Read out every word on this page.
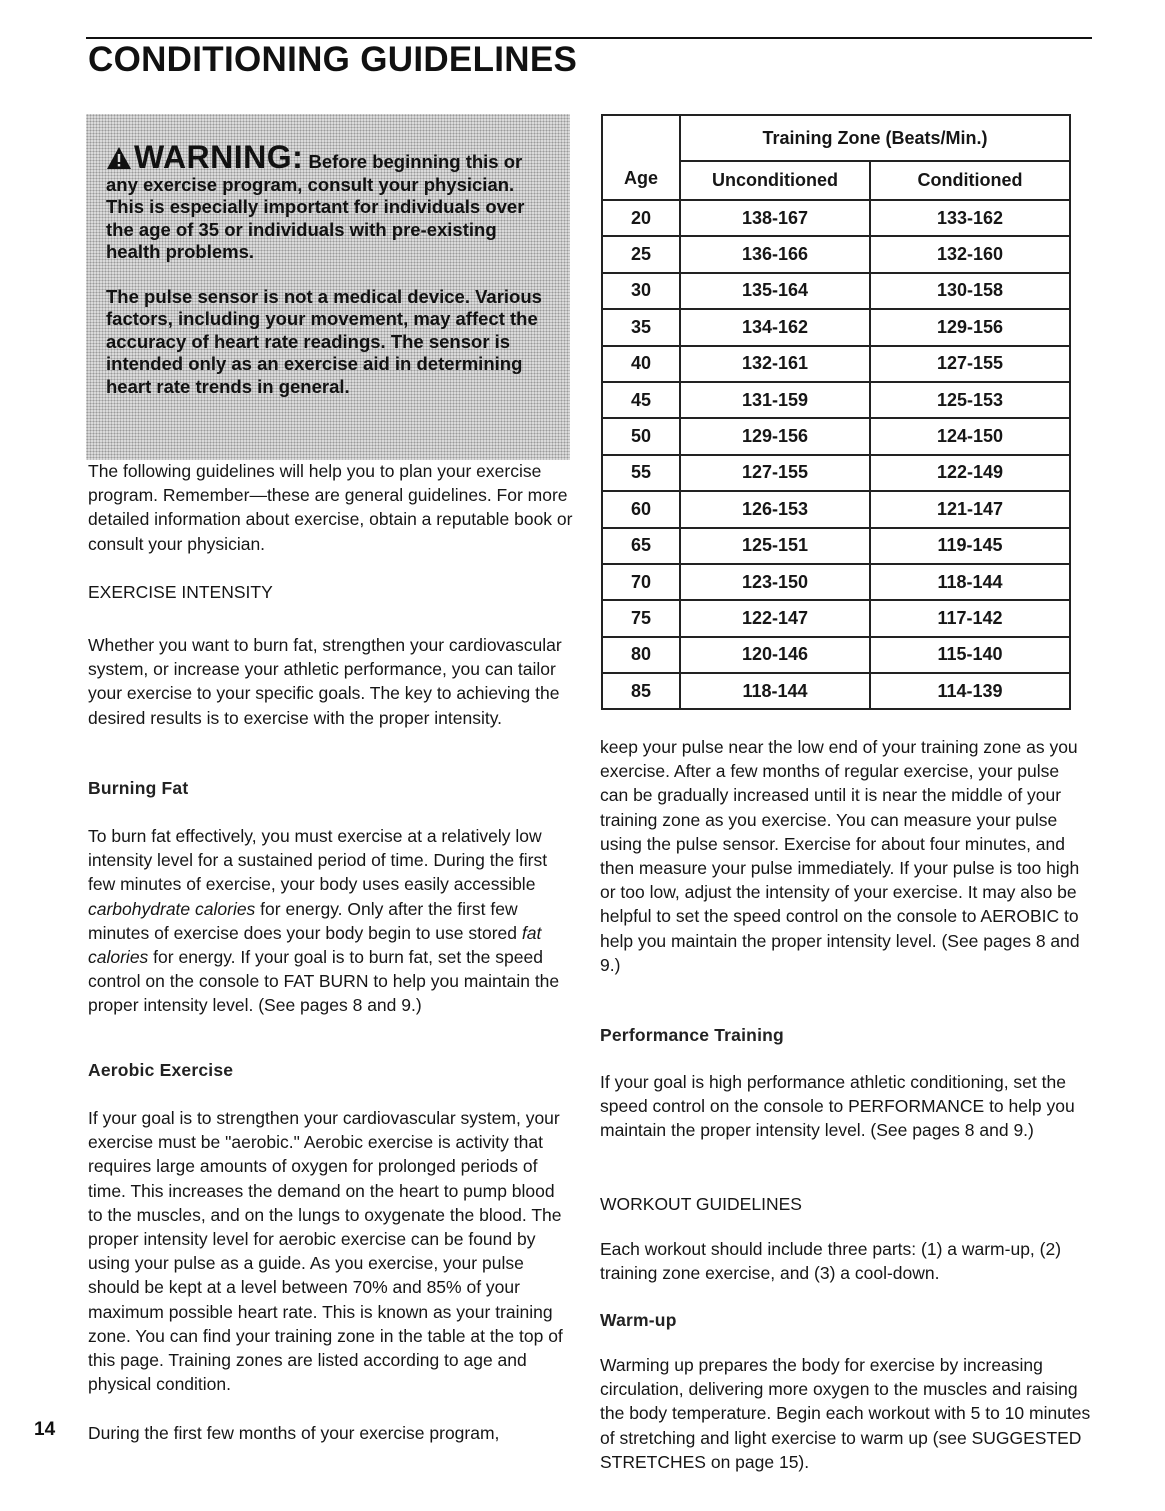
CONDITIONING GUIDELINES

WARNING: Before beginning this or any exercise program, consult your physician. This is especially important for individuals over the age of 35 or individuals with pre-existing health problems.

The pulse sensor is not a medical device. Various factors, including your movement, may affect the accuracy of heart rate readings. The sensor is intended only as an exercise aid in determining heart rate trends in general.

The following guidelines will help you to plan your exercise program. Remember—these are general guidelines. For more detailed information about exercise, obtain a reputable book or consult your physician.

EXERCISE INTENSITY

Whether you want to burn fat, strengthen your cardiovascular system, or increase your athletic performance, you can tailor your exercise to your specific goals. The key to achieving the desired results is to exercise with the proper intensity.

Burning Fat

To burn fat effectively, you must exercise at a relatively low intensity level for a sustained period of time. During the first few minutes of exercise, your body uses easily accessible carbohydrate calories for energy. Only after the first few minutes of exercise does your body begin to use stored fat calories for energy. If your goal is to burn fat, set the speed control on the console to FAT BURN to help you maintain the proper intensity level. (See pages 8 and 9.)

Aerobic Exercise

If your goal is to strengthen your cardiovascular system, your exercise must be "aerobic." Aerobic exercise is activity that requires large amounts of oxygen for prolonged periods of time. This increases the demand on the heart to pump blood to the muscles, and on the lungs to oxygenate the blood. The proper intensity level for aerobic exercise can be found by using your pulse as a guide. As you exercise, your pulse should be kept at a level between 70% and 85% of your maximum possible heart rate. This is known as your training zone. You can find your training zone in the table at the top of this page. Training zones are listed according to age and physical condition.

During the first few months of your exercise program,

14
Age	Training Zone (Beats/Min.)	
	Unconditioned	Conditioned
20	138-167	133-162
25	136-166	132-160
30	135-164	130-158
35	134-162	129-156
40	132-161	127-155
45	131-159	125-153
50	129-156	124-150
55	127-155	122-149
60	126-153	121-147
65	125-151	119-145
70	123-150	118-144
75	122-147	117-142
80	120-146	115-140
85	118-144	114-139

keep your pulse near the low end of your training zone as you exercise. After a few months of regular exercise, your pulse can be gradually increased until it is near the middle of your training zone as you exercise. You can measure your pulse using the pulse sensor. Exercise for about four minutes, and then measure your pulse immediately. If your pulse is too high or too low, adjust the intensity of your exercise. It may also be helpful to set the speed control on the console to AEROBIC to help you maintain the proper intensity level. (See pages 8 and 9.)

Performance Training

If your goal is high performance athletic conditioning, set the speed control on the console to PERFORMANCE to help you maintain the proper intensity level. (See pages 8 and 9.)

WORKOUT GUIDELINES

Each workout should include three parts: (1) a warm-up, (2) training zone exercise, and (3) a cool-down.

Warm-up

Warming up prepares the body for exercise by increasing circulation, delivering more oxygen to the muscles and raising the body temperature. Begin each workout with 5 to 10 minutes of stretching and light exercise to warm up (see SUGGESTED STRETCHES on page 15).
